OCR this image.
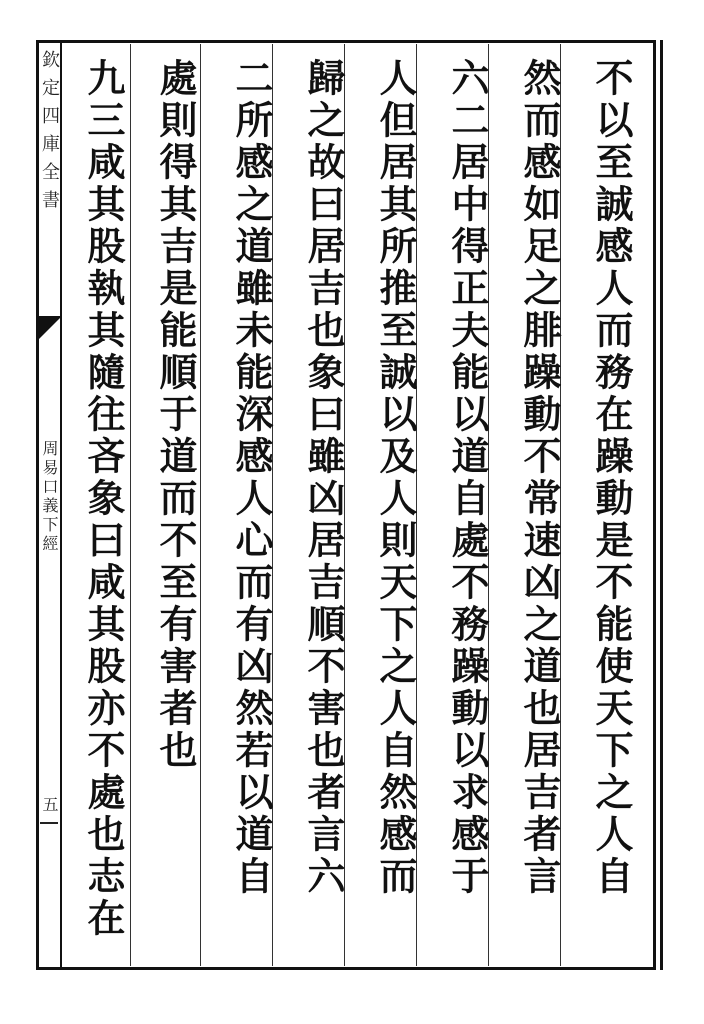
欽定四庫全書
周易口義下經
五	不以至誠感人而務在躁動是不能使天下之人自
然而感如足之腓躁動不常速凶之道也居吉者言
六二居中得正夫能以道自處不務躁動以求感于
人但居其所推至誠以及人則天下之人自然感而
歸之故曰居吉也象曰雖凶居吉順不害也者言六
二所感之道雖未能深感人心而有凶然若以道自
處則得其吉是能順于道而不至有害者也
九三咸其股執其隨往吝象曰咸其股亦不處也志在
